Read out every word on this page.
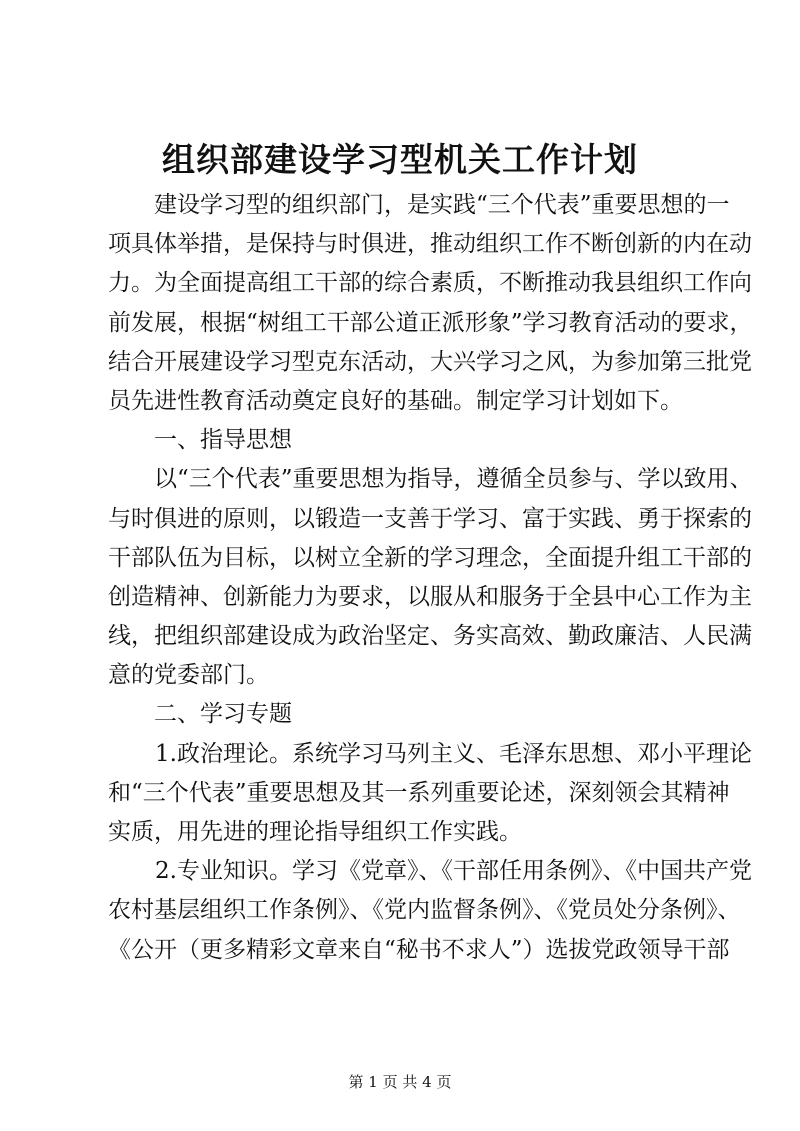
组织部建设学习型机关工作计划
建设学习型的组织部门，是实践“三个代表”重要思想的一
项具体举措，是保持与时俱进，推动组织工作不断创新的内在动
力。为全面提高组工干部的综合素质，不断推动我县组织工作向
前发展，根据“树组工干部公道正派形象”学习教育活动的要求，
结合开展建设学习型克东活动，大兴学习之风，为参加第三批党
员先进性教育活动奠定良好的基础。制定学习计划如下。
一、指导思想
以“三个代表”重要思想为指导，遵循全员参与、学以致用、
与时俱进的原则，以锻造一支善于学习、富于实践、勇于探索的
干部队伍为目标，以树立全新的学习理念，全面提升组工干部的
创造精神、创新能力为要求，以服从和服务于全县中心工作为主
线，把组织部建设成为政治坚定、务实高效、勤政廉洁、人民满
意的党委部门。
二、学习专题
1.政治理论。系统学习马列主义、毛泽东思想、邓小平理论
和“三个代表”重要思想及其一系列重要论述，深刻领会其精神
实质，用先进的理论指导组织工作实践。
2.专业知识。学习《党章》、《干部任用条例》、《中国共产党
农村基层组织工作条例》、《党内监督条例》、《党员处分条例》、
《公开（更多精彩文章来自“秘书不求人”）选拔党政领导干部
第 1 页 共 4 页
